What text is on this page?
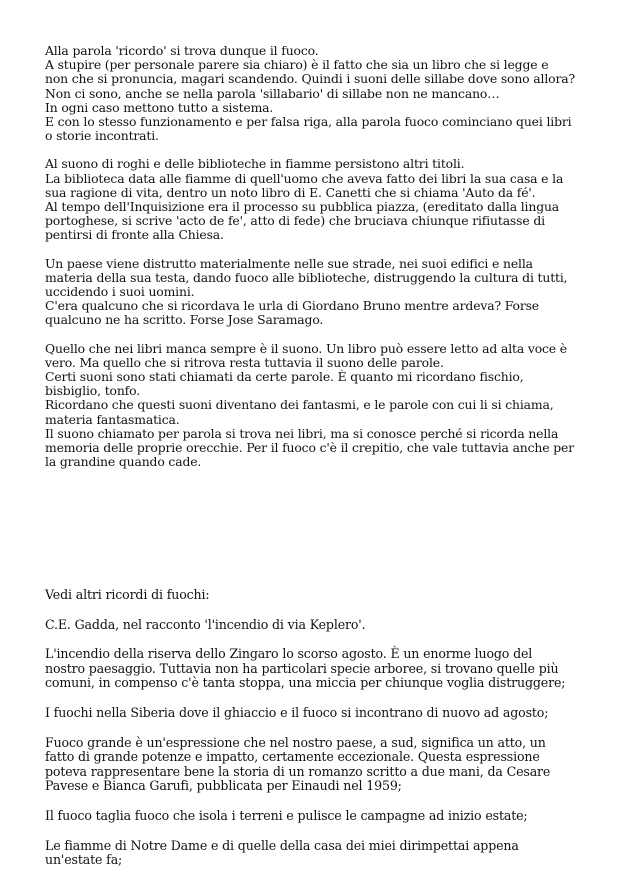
Alla parola 'ricordo' si trova dunque il fuoco.
A stupire (per personale parere sia chiaro) è il fatto che sia un libro che si legge e non che si pronuncia, magari scandendo. Quindi i suoni delle sillabe dove sono allora?
Non ci sono, anche se nella parola 'sillabario' di sillabe non ne mancano…
In ogni caso mettono tutto a sistema.
E con lo stesso funzionamento e per falsa riga, alla parola fuoco cominciano quei libri o storie incontrati.

Al suono di roghi e delle biblioteche in fiamme persistono altri titoli.
La biblioteca data alle fiamme di quell'uomo che aveva fatto dei libri la sua casa e la sua ragione di vita, dentro un noto libro di E. Canetti che si chiama 'Auto da fé'.
Al tempo dell'Inquisizione era il processo su pubblica piazza, (ereditato dalla lingua portoghese, si scrive 'acto de fe', atto di fede) che bruciava chiunque rifiutasse di pentirsi di fronte alla Chiesa.

Un paese viene distrutto materialmente nelle sue strade, nei suoi edifici e nella materia della sua testa, dando fuoco alle biblioteche, distruggendo la cultura di tutti, uccidendo i suoi uomini.
C'era qualcuno che si ricordava le urla di Giordano Bruno mentre ardeva? Forse qualcuno ne ha scritto. Forse Jose Saramago.

Quello che nei libri manca sempre è il suono. Un libro può essere letto ad alta voce è vero. Ma quello che si ritrova resta tuttavia il suono delle parole.
Certi suoni sono stati chiamati da certe parole. È quanto mi ricordano fischio, bisbiglio, tonfo.
Ricordano che questi suoni diventano dei fantasmi, e le parole con cui li si chiama, materia fantasmatica.
Il suono chiamato per parola si trova nei libri, ma si conosce perché si ricorda nella memoria delle proprie orecchie. Per il fuoco c'è il crepitio, che vale tuttavia anche per la grandine quando cade.

Vedi altri ricordi di fuochi:

C.E. Gadda, nel racconto 'l'incendio di via Keplero'.

L'incendio della riserva dello Zingaro lo scorso agosto. È un enorme luogo del nostro paesaggio. Tuttavia non ha particolari specie arboree, si trovano quelle più comuni, in compenso c'è tanta stoppa, una miccia per chiunque voglia distruggere;

I fuochi nella Siberia dove il ghiaccio e il fuoco si incontrano di nuovo ad agosto;

Fuoco grande è un'espressione che nel nostro paese, a sud, significa un atto, un fatto di grande potenze e impatto, certamente eccezionale. Questa espressione poteva rappresentare bene la storia di un romanzo scritto a due mani, da Cesare Pavese e Bianca Garufi, pubblicata per Einaudi nel 1959;

Il fuoco taglia fuoco che isola i terreni e pulisce le campagne ad inizio estate;

Le fiamme di Notre Dame e di quelle della casa dei miei dirimpettai appena un'estate fa;
